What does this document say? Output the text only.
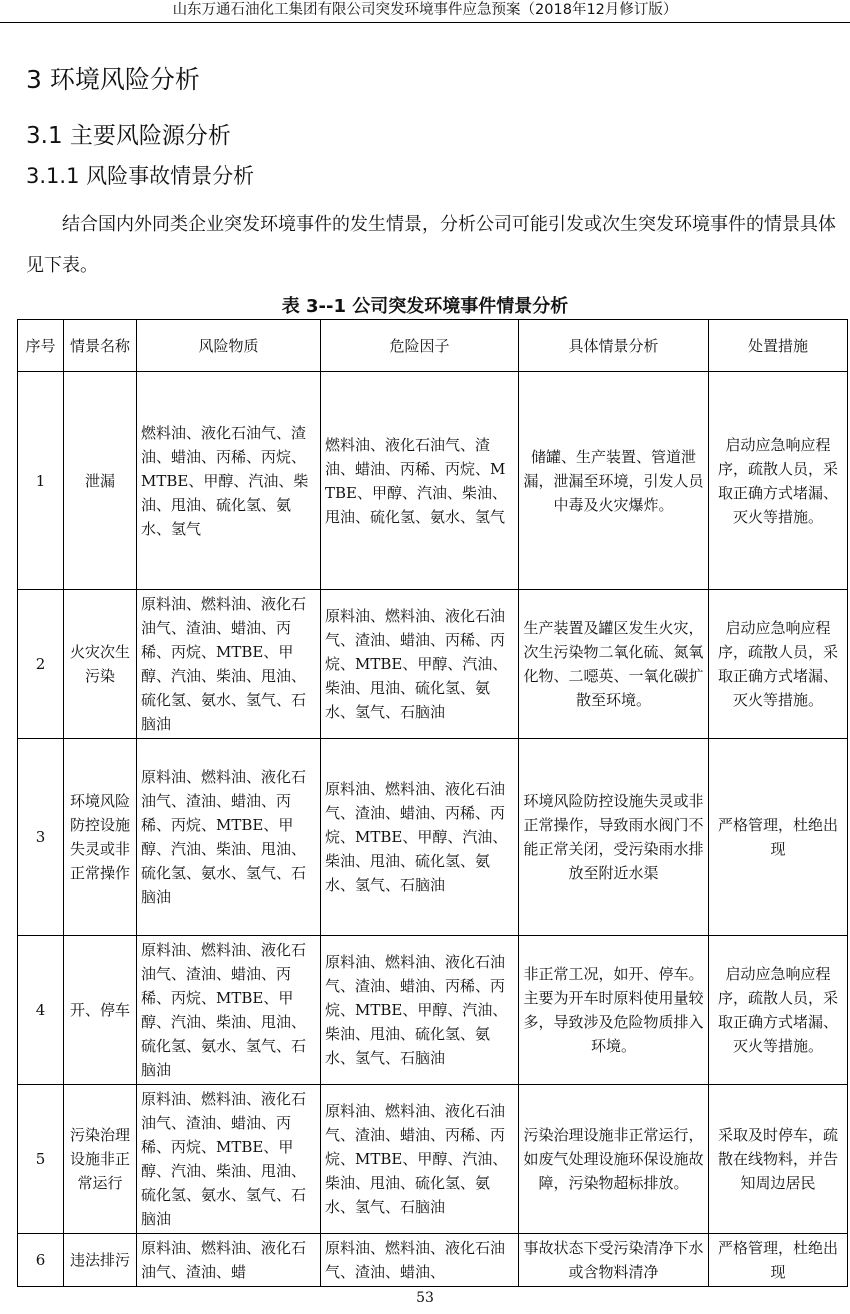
山东万通石油化工集团有限公司突发环境事件应急预案（2018年12月修订版）
3 环境风险分析
3.1 主要风险源分析
3.1.1 风险事故情景分析
结合国内外同类企业突发环境事件的发生情景，分析公司可能引发或次生突发环境事件的情景具体见下表。
表 3--1 公司突发环境事件情景分析
序号	情景名称	风险物质	危险因子	具体情景分析	处置措施
1	泄漏	燃料油、液化石油气、渣油、蜡油、丙稀、丙烷、MTBE、甲醇、汽油、柴油、甩油、硫化氢、氨水、氢气	燃料油、液化石油气、渣油、蜡油、丙稀、丙烷、MTBE、甲醇、汽油、柴油、甩油、硫化氢、氨水、氢气	储罐、生产装置、管道泄漏，泄漏至环境，引发人员中毒及火灾爆炸。	启动应急响应程序，疏散人员，采取正确方式堵漏、灭火等措施。
2	火灾次生污染	原料油、燃料油、液化石油气、渣油、蜡油、丙稀、丙烷、MTBE、甲醇、汽油、柴油、甩油、硫化氢、氨水、氢气、石脑油	原料油、燃料油、液化石油气、渣油、蜡油、丙稀、丙烷、MTBE、甲醇、汽油、柴油、甩油、硫化氢、氨水、氢气、石脑油	生产装置及罐区发生火灾，次生污染物二氧化硫、氮氧化物、二噁英、一氧化碳扩散至环境。	启动应急响应程序，疏散人员，采取正确方式堵漏、灭火等措施。
3	环境风险防控设施失灵或非正常操作	原料油、燃料油、液化石油气、渣油、蜡油、丙稀、丙烷、MTBE、甲醇、汽油、柴油、甩油、硫化氢、氨水、氢气、石脑油	原料油、燃料油、液化石油气、渣油、蜡油、丙稀、丙烷、MTBE、甲醇、汽油、柴油、甩油、硫化氢、氨水、氢气、石脑油	环境风险防控设施失灵或非正常操作，导致雨水阀门不能正常关闭，受污染雨水排放至附近水渠	严格管理，杜绝出现
4	开、停车	原料油、燃料油、液化石油气、渣油、蜡油、丙稀、丙烷、MTBE、甲醇、汽油、柴油、甩油、硫化氢、氨水、氢气、石脑油	原料油、燃料油、液化石油气、渣油、蜡油、丙稀、丙烷、MTBE、甲醇、汽油、柴油、甩油、硫化氢、氨水、氢气、石脑油	非正常工况，如开、停车。主要为开车时原料使用量较多，导致涉及危险物质排入环境。	启动应急响应程序，疏散人员，采取正确方式堵漏、灭火等措施。
5	污染治理设施非正常运行	原料油、燃料油、液化石油气、渣油、蜡油、丙稀、丙烷、MTBE、甲醇、汽油、柴油、甩油、硫化氢、氨水、氢气、石脑油	原料油、燃料油、液化石油气、渣油、蜡油、丙稀、丙烷、MTBE、甲醇、汽油、柴油、甩油、硫化氢、氨水、氢气、石脑油	污染治理设施非正常运行，如废气处理设施环保设施故障，污染物超标排放。	采取及时停车，疏散在线物料，并告知周边居民
6	违法排污	原料油、燃料油、液化石油气、渣油、蜡	原料油、燃料油、液化石油气、渣油、蜡油、	事故状态下受污染清净下水或含物料清净	严格管理，杜绝出现
53
